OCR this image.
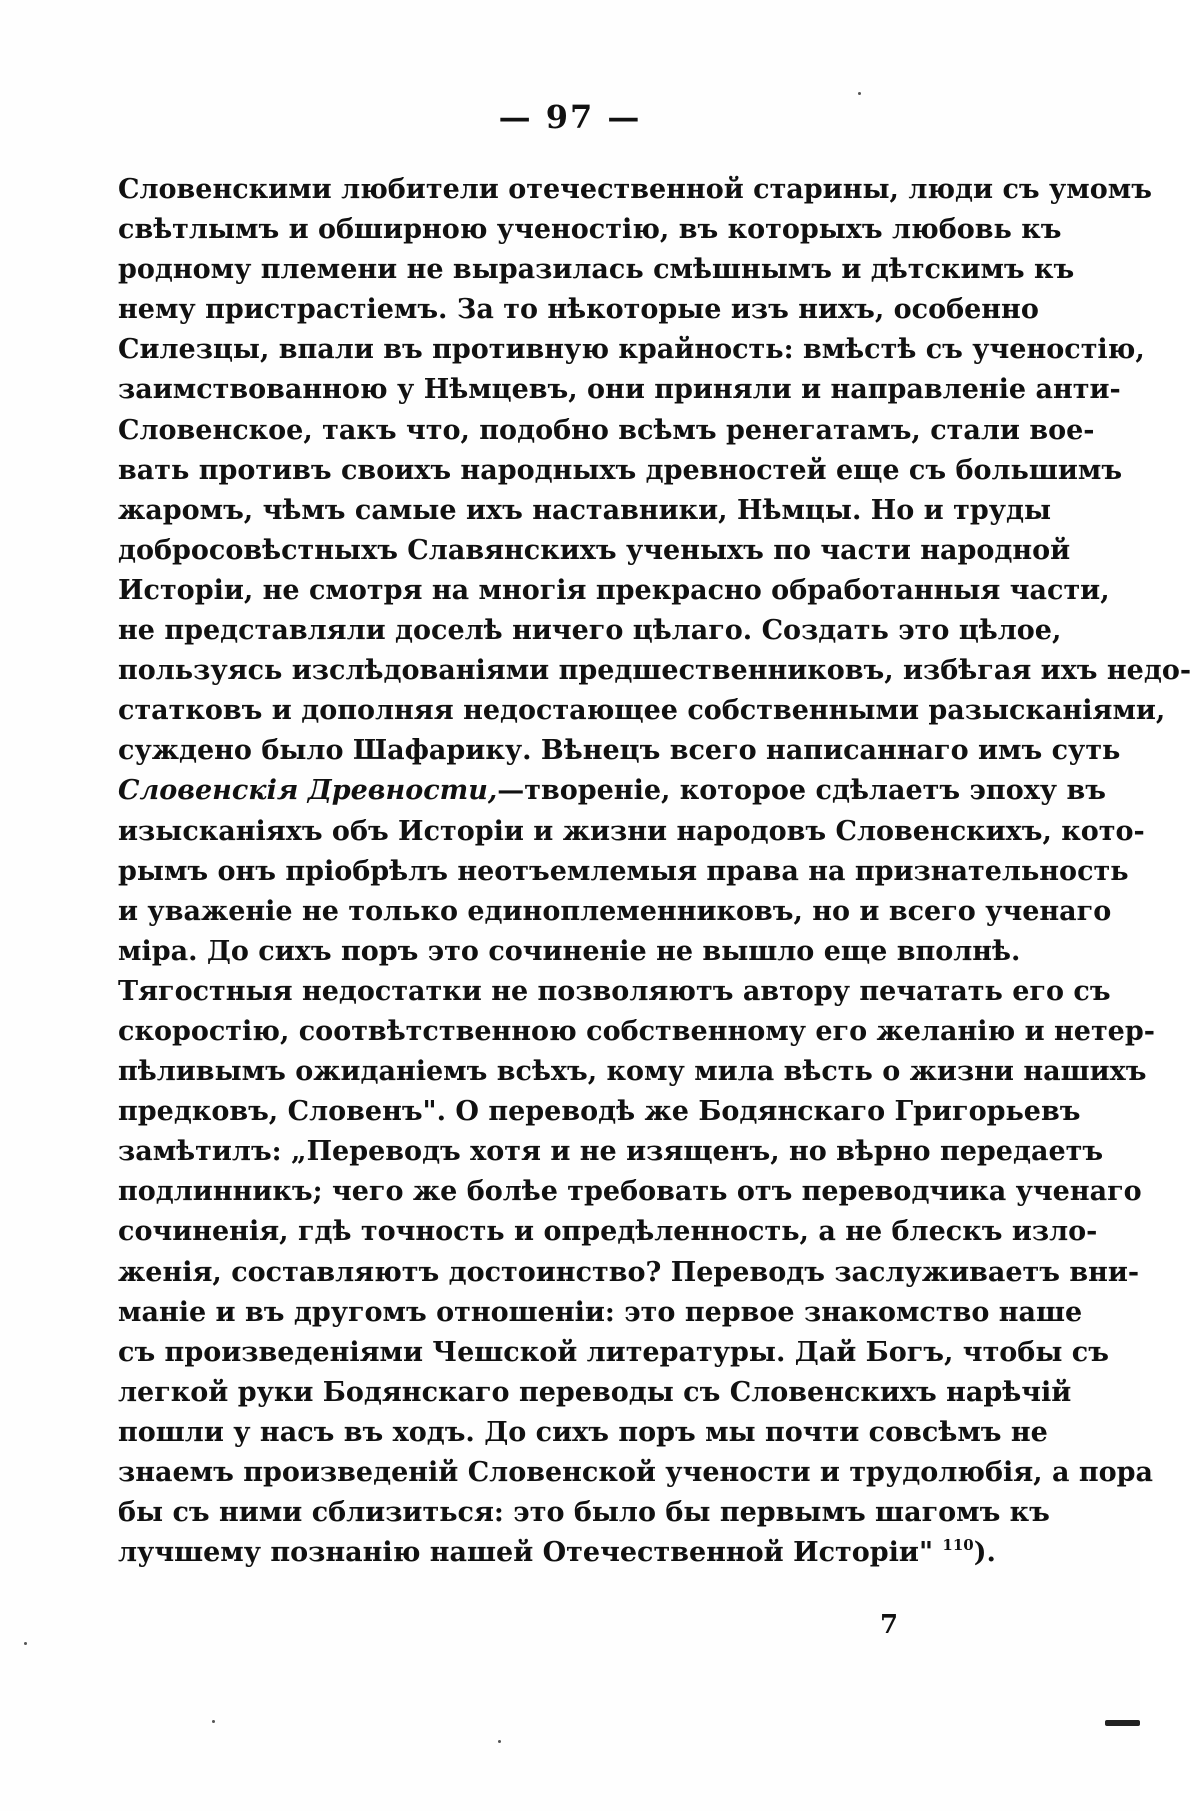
— 97 —
Словенскими любители отечественной старины, люди съ умомъ
свѣтлымъ и обширною ученостію, въ которыхъ любовь къ
родному племени не выразилась смѣшнымъ и дѣтскимъ къ
нему пристрастіемъ. За то нѣкоторые изъ нихъ, особенно
Силезцы, впали въ противную крайность: вмѣстѣ съ ученостію,
заимствованною у Нѣмцевъ, они приняли и направленіе анти-
Словенское, такъ что, подобно всѣмъ ренегатамъ, стали вое-
вать противъ своихъ народныхъ древностей еще съ большимъ
жаромъ, чѣмъ самые ихъ наставники, Нѣмцы. Но и труды
добросовѣстныхъ Славянскихъ ученыхъ по части народной
Исторіи, не смотря на многія прекрасно обработанныя части,
не представляли доселѣ ничего цѣлаго. Создать это цѣлое,
пользуясь изслѣдованіями предшественниковъ, избѣгая ихъ недо-
статковъ и дополняя недостающее собственными разысканіями,
суждено было Шафарику. Вѣнецъ всего написаннаго имъ суть
Словенскія Древности,—твореніе, которое сдѣлаетъ эпоху въ
изысканіяхъ объ Исторіи и жизни народовъ Словенскихъ, кото-
рымъ онъ пріобрѣлъ неотъемлемыя права на признательность
и уваженіе не только единоплеменниковъ, но и всего ученаго
міра. До сихъ поръ это сочиненіе не вышло еще вполнѣ.
Тягостныя недостатки не позволяютъ автору печатать его съ
скоростію, соотвѣтственною собственному его желанію и нетер-
пѣливымъ ожиданіемъ всѣхъ, кому мила вѣсть о жизни нашихъ
предковъ, Словенъ". О переводѣ же Бодянскаго Григорьевъ
замѣтилъ: „Переводъ хотя и не изященъ, но вѣрно передаетъ
подлинникъ; чего же болѣе требовать отъ переводчика ученаго
сочиненія, гдѣ точность и опредѣленность, а не блескъ изло-
женія, составляютъ достоинство? Переводъ заслуживаетъ вни-
маніе и въ другомъ отношеніи: это первое знакомство наше
съ произведеніями Чешской литературы. Дай Богъ, чтобы съ
легкой руки Бодянскаго переводы съ Словенскихъ нарѣчій
пошли у насъ въ ходъ. До сихъ поръ мы почти совсѣмъ не
знаемъ произведеній Словенской учености и трудолюбія, а пора
бы съ ними сблизиться: это было бы первымъ шагомъ къ
лучшему познанію нашей Отечественной Исторіи" $^{110}$).
7
